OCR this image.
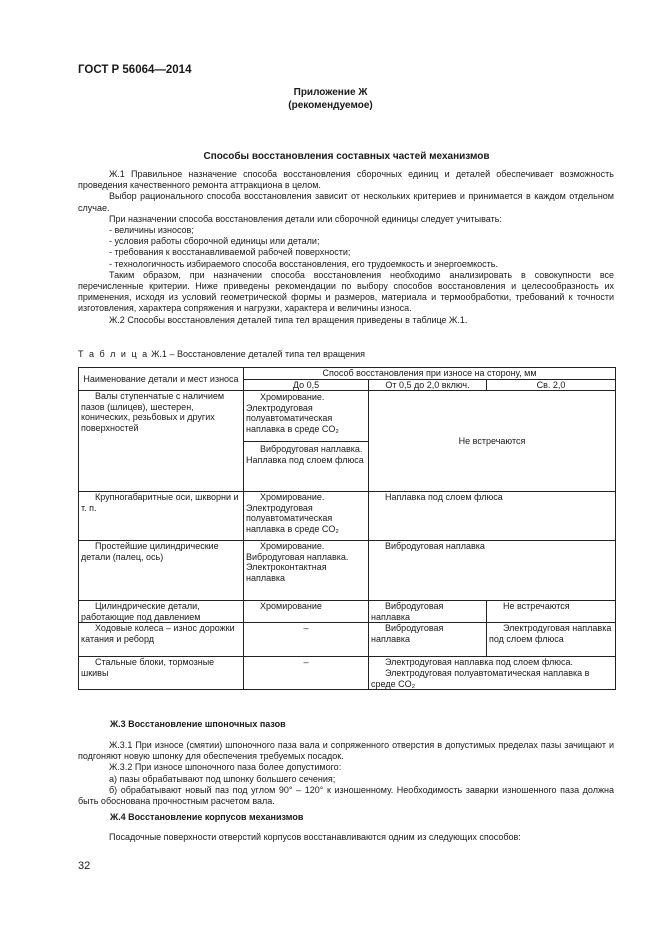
ГОСТ Р 56064—2014
Приложение Ж
(рекомендуемое)
Способы восстановления составных частей механизмов

Ж.1 Правильное назначение способа восстановления сборочных единиц и деталей обеспечивает возможность проведения качественного ремонта аттракциона в целом.

Выбор рационального способа восстановления зависит от нескольких критериев и принимается в каждом отдельном случае.

При назначении способа восстановления детали или сборочной единицы следует учитывать:

- величины износов;

- условия работы сборочной единицы или детали;

- требования к восстанавливаемой рабочей поверхности;

- технологичность избираемого способа восстановления, его трудоемкость и энергоемкость.

Таким образом, при назначении способа восстановления необходимо анализировать в совокупности все перечисленные критерии. Ниже приведены рекомендации по выбору способов восстановления и целесообразность их применения, исходя из условий геометрической формы и размеров, материала и термообработки, требований к точности изготовления, характера сопряжения и нагрузки, характера и величины износа.

Ж.2 Способы восстановления деталей типа тел вращения приведены в таблице Ж.1.

Т а б л и ц а Ж.1 – Восстановление деталей типа тел вращения
Наименование детали и мест износа	Способ восстановления при износе на сторону, мм		
	До 0,5	От 0,5 до 2,0 включ.	Св. 2,0
Валы ступенчатые с наличием пазов (шлицев), шестерен, конических, резьбовых и других поверхностей	Хромирование. Электродуговая полуавтоматическая наплавка в среде CO₂
Вибродуговая наплавка. Наплавка под слоем флюса	Не встречаются	
Крупногабаритные оси, шкворни и т. п.	Хромирование. Электродуговая полуавтоматическая наплавка в среде CO₂	Наплавка под слоем флюса	
Простейшие цилиндрические детали (палец, ось)	Хромирование. Вибродуговая наплавка. Электроконтактная наплавка	Вибродуговая наплавка	
Цилиндрические детали, работающие под давлением	Хромирование	Вибродуговая наплавка	Не встречаются
Ходовые колеса – износ дорожки катания и реборд	–	Вибродуговая наплавка	Электродуговая наплавка под слоем флюса
Стальные блоки, тормозные шкивы	–	Электродуговая наплавка под слоем флюса.
Электродуговая полуавтоматическая наплавка в среде CO₂	
Ж.3 Восстановление шпоночных пазов

Ж.3.1 При износе (смятии) шпоночного паза вала и сопряженного отверстия в допустимых пределах пазы зачищают и подгоняют новую шпонку для обеспечения требуемых посадок.

Ж.3.2 При износе шпоночного паза более допустимого:

а) пазы обрабатывают под шпонку большего сечения;

б) обрабатывают новый паз под углом 90° – 120° к изношенному. Необходимость заварки изношенного паза должна быть обоснована прочностным расчетом вала.

Ж.4 Восстановление корпусов механизмов

Посадочные поверхности отверстий корпусов восстанавливаются одним из следующих способов:

32
